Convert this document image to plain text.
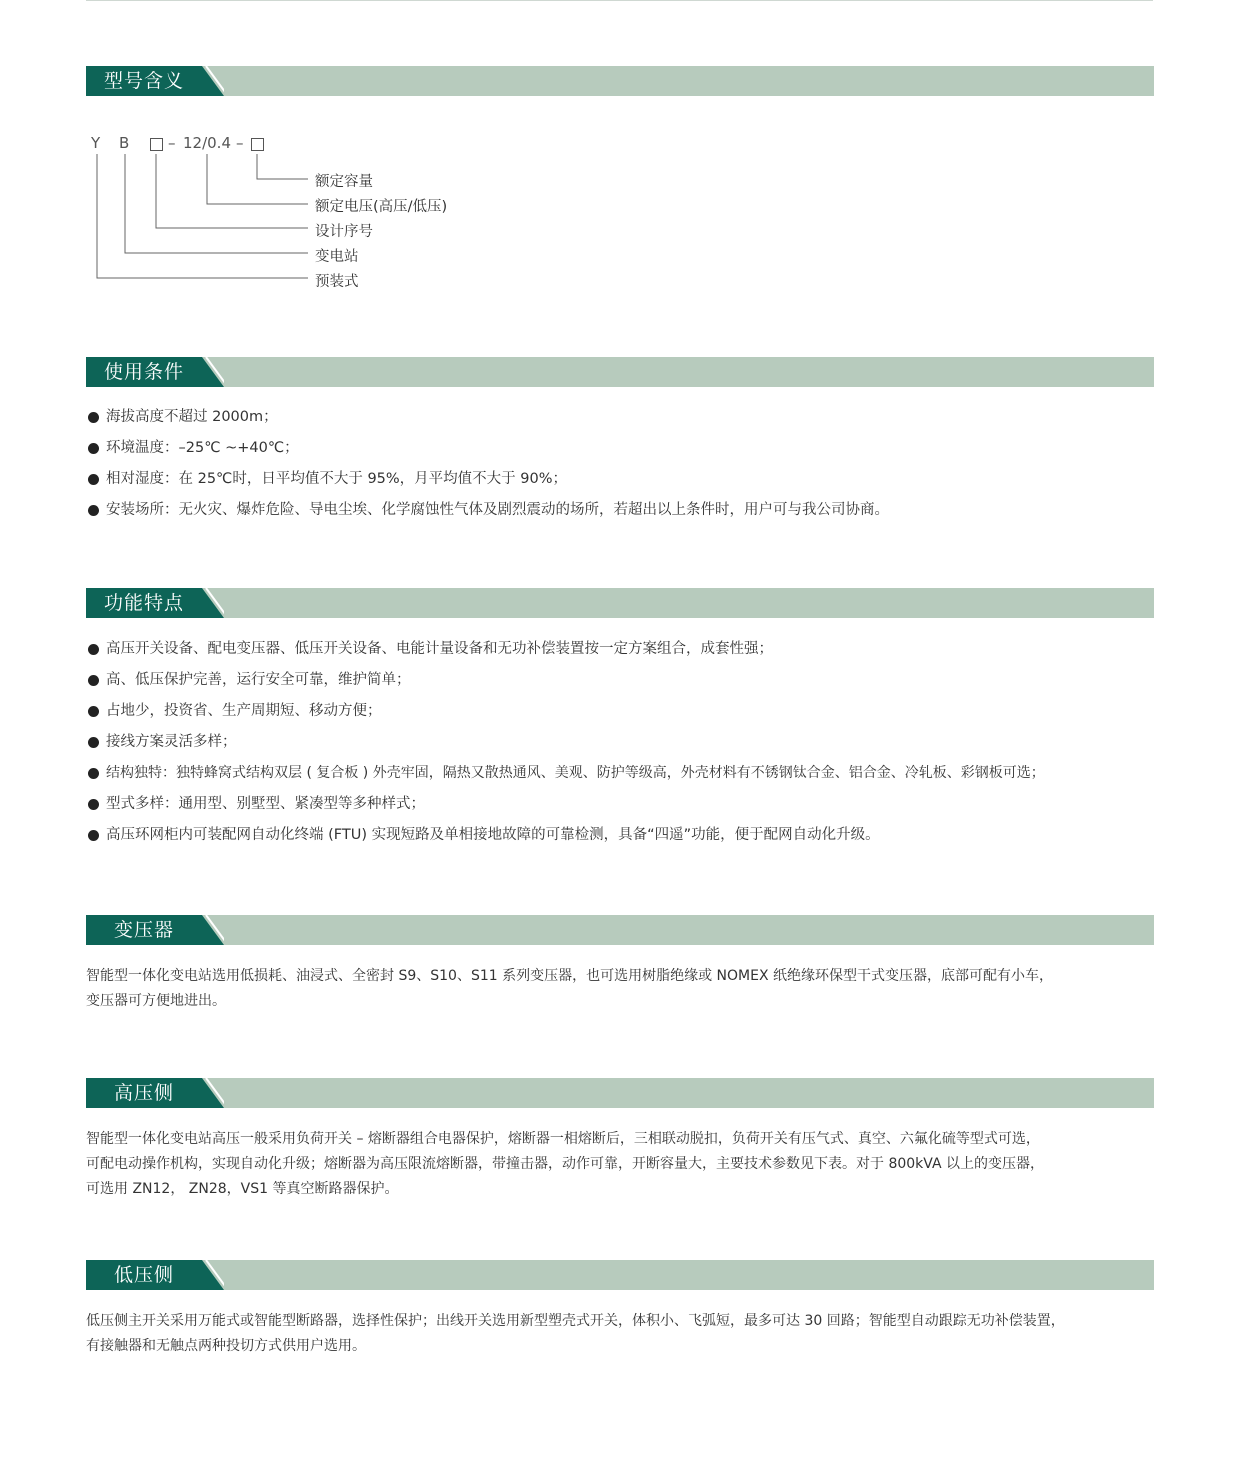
型号含义
Y B	– 12/0.4 –
额定容量
额定电压(高压/低压)
设计序号
变电站
预装式
使用条件
海拔高度不超过 2000m；
环境温度：–25℃ ~+40℃；
相对湿度：在 25℃时，日平均值不大于 95%，月平均值不大于 90%；
安装场所：无火灾、爆炸危险、导电尘埃、化学腐蚀性气体及剧烈震动的场所，若超出以上条件时，用户可与我公司协商。
功能特点
高压开关设备、配电变压器、低压开关设备、电能计量设备和无功补偿装置按一定方案组合，成套性强；
高、低压保护完善，运行安全可靠，维护简单；
占地少，投资省、生产周期短、移动方便；
接线方案灵活多样；
结构独特：独特蜂窝式结构双层 ( 复合板 ) 外壳牢固，隔热又散热通风、美观、防护等级高，外壳材料有不锈钢钛合金、铝合金、冷轧板、彩钢板可选；
型式多样：通用型、别墅型、紧凑型等多种样式；
高压环网柜内可装配网自动化终端 (FTU) 实现短路及单相接地故障的可靠检测，具备“四遥”功能，便于配网自动化升级。
变压器

智能型一体化变电站选用低损耗、油浸式、全密封 S9、S10、S11 系列变压器，也可选用树脂绝缘或 NOMEX 纸绝缘环保型干式变压器，底部可配有小车，
变压器可方便地进出。

高压侧

智能型一体化变电站高压一般采用负荷开关 – 熔断器组合电器保护，熔断器一相熔断后，三相联动脱扣，负荷开关有压气式、真空、六氟化硫等型式可选，
可配电动操作机构，实现自动化升级；熔断器为高压限流熔断器，带撞击器，动作可靠，开断容量大，主要技术参数见下表。对于 800kVA 以上的变压器，
可选用 ZN12， ZN28，VS1 等真空断路器保护。

低压侧

低压侧主开关采用万能式或智能型断路器，选择性保护；出线开关选用新型塑壳式开关，体积小、飞弧短，最多可达 30 回路；智能型自动跟踪无功补偿装置，
有接触器和无触点两种投切方式供用户选用。
